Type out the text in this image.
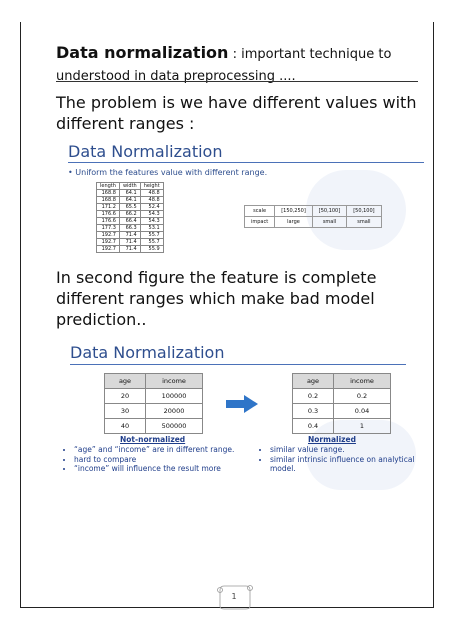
Data normalization : important technique to understood in data preprocessing ....
The problem is we have different values with different ranges :
Data Normalization
• Uniform the features value with different range.
length	width	height
168.8	64.1	48.8
168.8	64.1	48.8
171.2	65.5	52.4
176.6	66.2	54.3
176.6	66.4	54.3
177.3	66.3	53.1
192.7	71.4	55.7
192.7	71.4	55.7
192.7	71.4	55.9
scale	[150,250]	[50,100]	[50,100]
impact	large	small	small
In second figure the feature is complete different ranges which make bad model prediction..
Data Normalization
age	income
20	100000
30	20000
40	500000
age	income
0.2	0.2
0.3	0.04
0.4	1
Not-normalized	Normalized
• “age” and “income” are in different range.
• hard to compare
• “income” will influence the result more
• similar value range.
• similar intrinsic influence on analytical model.
1
